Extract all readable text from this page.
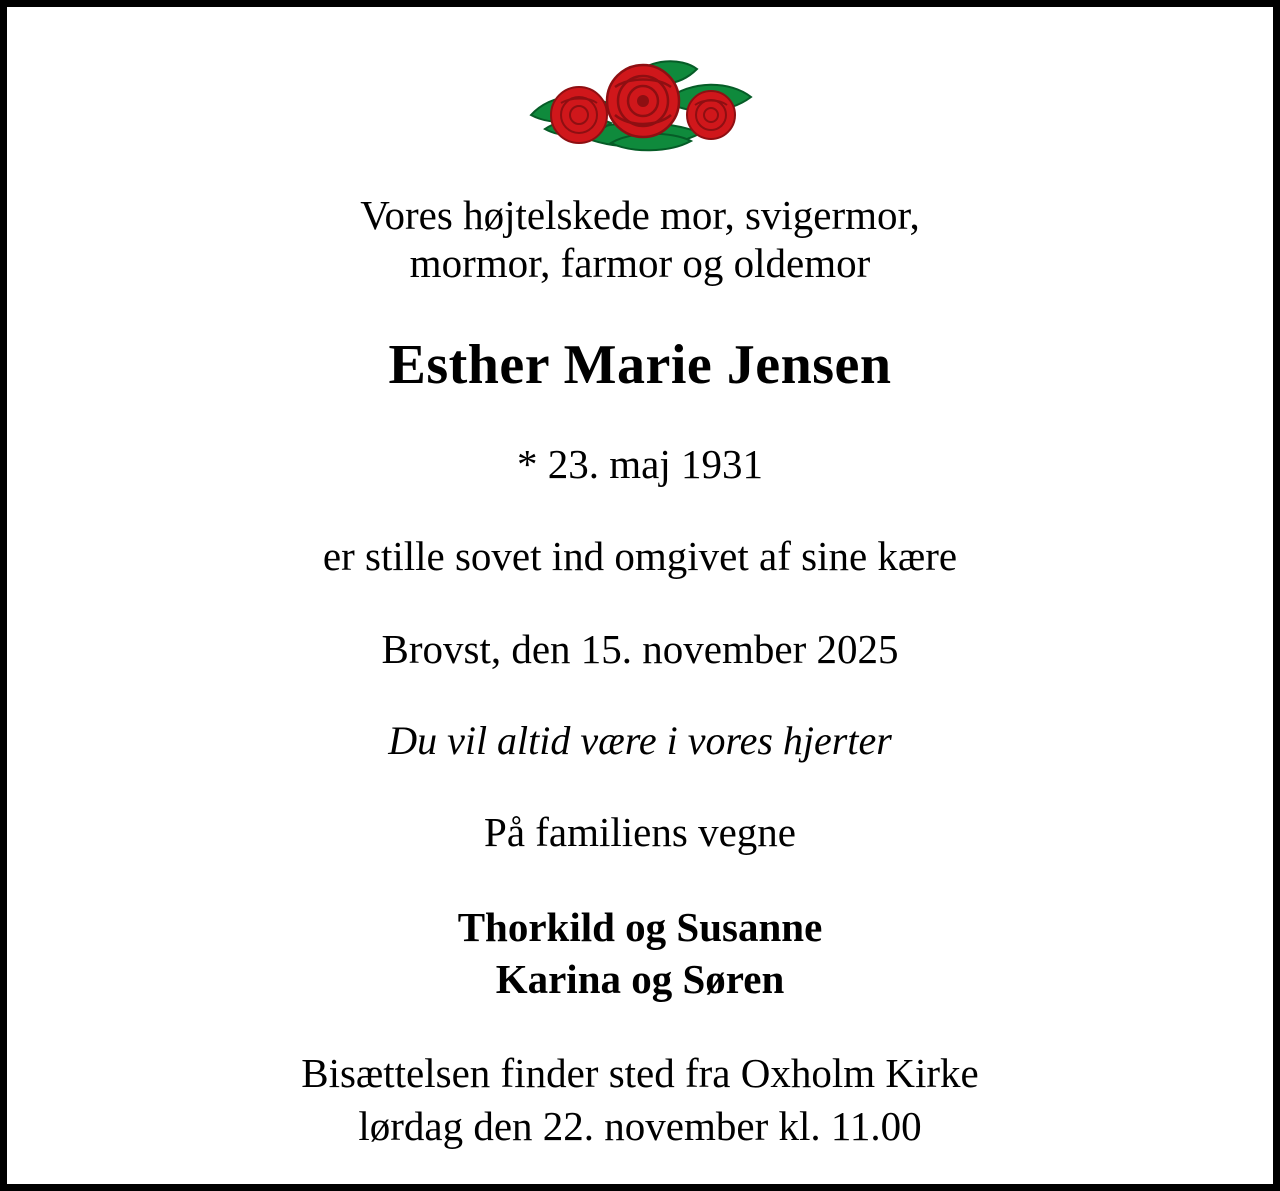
Vores højtelskede mor, svigermor,
mormor, farmor og oldemor
Esther Marie Jensen
* 23. maj 1931
er stille sovet ind omgivet af sine kære
Brovst, den 15. november 2025
Du vil altid være i vores hjerter
På familiens vegne
Thorkild og Susanne
Karina og Søren
Bisættelsen finder sted fra Oxholm Kirke
lørdag den 22. november kl. 11.00
